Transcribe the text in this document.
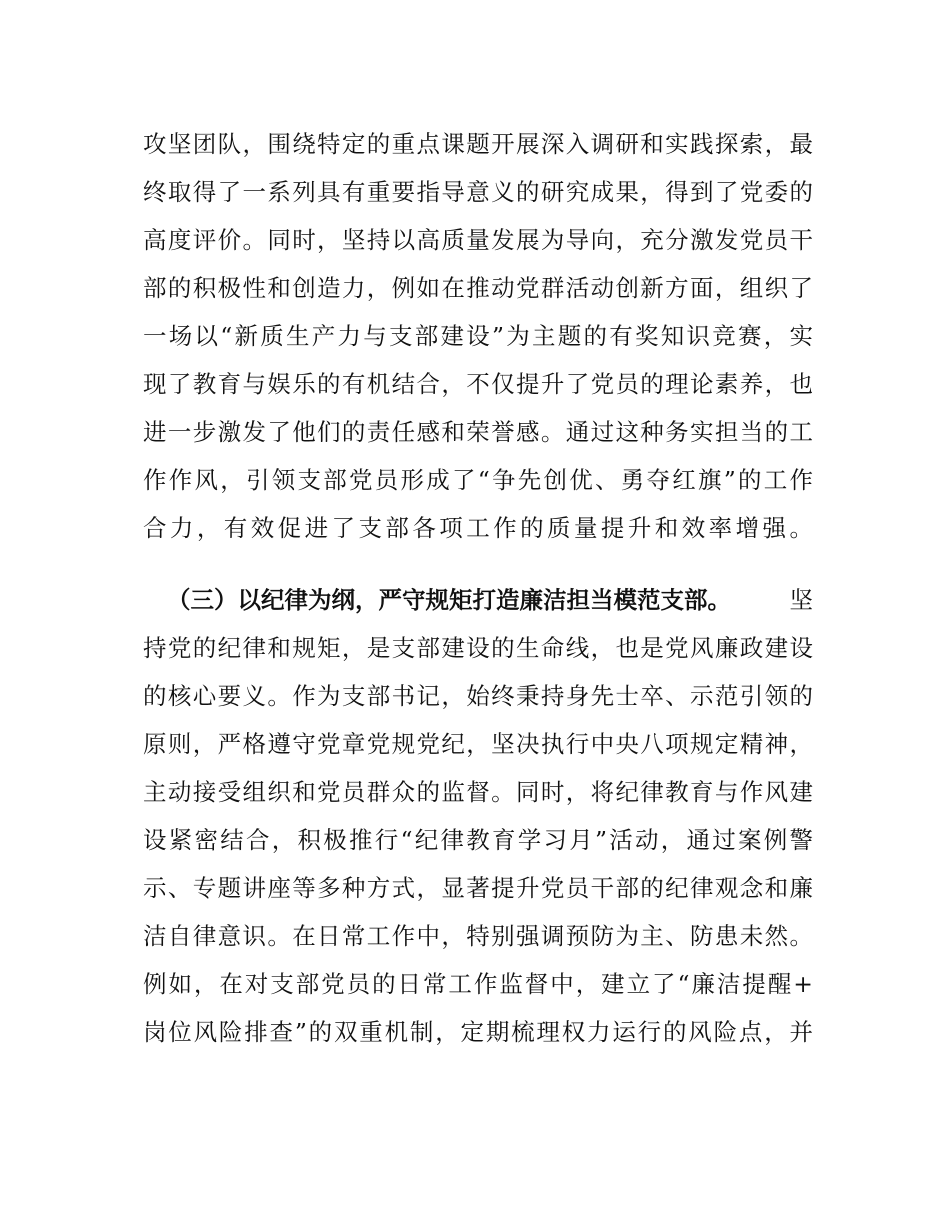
攻坚团队，围绕特定的重点课题开展深入调研和实践探索，最
终取得了一系列具有重要指导意义的研究成果，得到了党委的
高度评价。同时，坚持以高质量发展为导向，充分激发党员干
部的积极性和创造力，例如在推动党群活动创新方面，组织了
一场以“新质生产力与支部建设”为主题的有奖知识竞赛，实
现了教育与娱乐的有机结合，不仅提升了党员的理论素养，也
进一步激发了他们的责任感和荣誉感。通过这种务实担当的工
作作风，引领支部党员形成了“争先创优、勇夺红旗”的工作
合力，有效促进了支部各项工作的质量提升和效率增强。
（三）以纪律为纲，严守规矩打造廉洁担当模范支部。 坚
持党的纪律和规矩，是支部建设的生命线，也是党风廉政建设
的核心要义。作为支部书记，始终秉持身先士卒、示范引领的
原则，严格遵守党章党规党纪，坚决执行中央八项规定精神，
主动接受组织和党员群众的监督。同时，将纪律教育与作风建
设紧密结合，积极推行“纪律教育学习月”活动，通过案例警
示、专题讲座等多种方式，显著提升党员干部的纪律观念和廉
洁自律意识。在日常工作中，特别强调预防为主、防患未然。
例如，在对支部党员的日常工作监督中，建立了“廉洁提醒+
岗位风险排查”的双重机制，定期梳理权力运行的风险点，并
